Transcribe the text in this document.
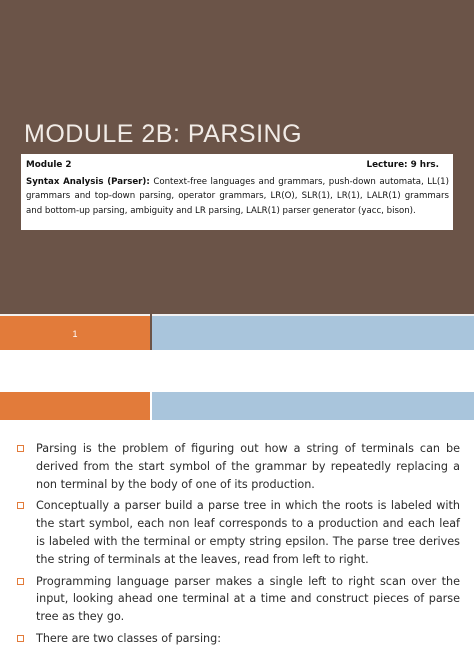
MODULE 2B: PARSING
Module 2	Lecture: 9 hrs.
Syntax Analysis (Parser): Context-free languages and grammars, push-down automata, LL(1) grammars and top-down parsing, operator grammars, LR(O), SLR(1), LR(1), LALR(1) grammars and bottom-up parsing, ambiguity and LR parsing, LALR(1) parser generator (yacc, bison).
1
Parsing is the problem of figuring out how a string of terminals can be derived from the start symbol of the grammar by repeatedly replacing a non terminal by the body of one of its production.
Conceptually a parser build a parse tree in which the roots is labeled with the start symbol, each non leaf corresponds to a production and each leaf is labeled with the terminal or empty string epsilon. The parse tree derives the string of terminals at the leaves, read from left to right.
Programming language parser makes a single left to right scan over the input, looking ahead one terminal at a time and construct pieces of parse tree as they go.
There are two classes of parsing:
